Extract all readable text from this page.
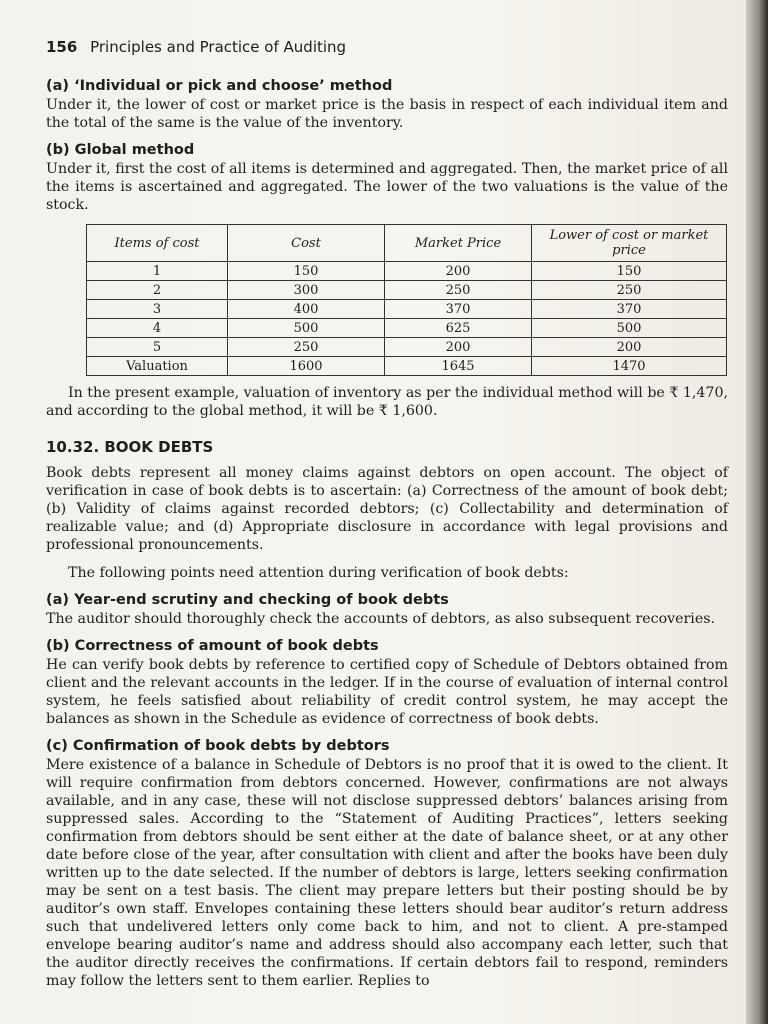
156 Principles and Practice of Auditing
(a) ‘Individual or pick and choose’ method

Under it, the lower of cost or market price is the basis in respect of each individual item and the total of the same is the value of the inventory.

(b) Global method

Under it, first the cost of all items is determined and aggregated. Then, the market price of all the items is ascertained and aggregated. The lower of the two valuations is the value of the stock.

Items of cost	Cost	Market Price	Lower of cost or market price
1	150	200	150
2	300	250	250
3	400	370	370
4	500	625	500
5	250	200	200
Valuation	1600	1645	1470

In the present example, valuation of inventory as per the individual method will be ₹ 1,470, and according to the global method, it will be ₹ 1,600.

10.32. BOOK DEBTS

Book debts represent all money claims against debtors on open account. The object of verification in case of book debts is to ascertain: (a) Correctness of the amount of book debt; (b) Validity of claims against recorded debtors; (c) Collectability and determination of realizable value; and (d) Appropriate disclosure in accordance with legal provisions and professional pronouncements.

The following points need attention during verification of book debts:

(a) Year-end scrutiny and checking of book debts

The auditor should thoroughly check the accounts of debtors, as also subsequent recoveries.

(b) Correctness of amount of book debts

He can verify book debts by reference to certified copy of Schedule of Debtors obtained from client and the relevant accounts in the ledger. If in the course of evaluation of internal control system, he feels satisfied about reliability of credit control system, he may accept the balances as shown in the Schedule as evidence of correctness of book debts.

(c) Confirmation of book debts by debtors

Mere existence of a balance in Schedule of Debtors is no proof that it is owed to the client. It will require confirmation from debtors concerned. However, confirmations are not always available, and in any case, these will not disclose suppressed debtors’ balances arising from suppressed sales. According to the “Statement of Auditing Practices”, letters seeking confirmation from debtors should be sent either at the date of balance sheet, or at any other date before close of the year, after consultation with client and after the books have been duly written up to the date selected. If the number of debtors is large, letters seeking confirmation may be sent on a test basis. The client may prepare letters but their posting should be by auditor’s own staff. Envelopes containing these letters should bear auditor’s return address such that undelivered letters only come back to him, and not to client. A pre-stamped envelope bearing auditor’s name and address should also accompany each letter, such that the auditor directly receives the confirmations. If certain debtors fail to respond, reminders may follow the letters sent to them earlier. Replies to
